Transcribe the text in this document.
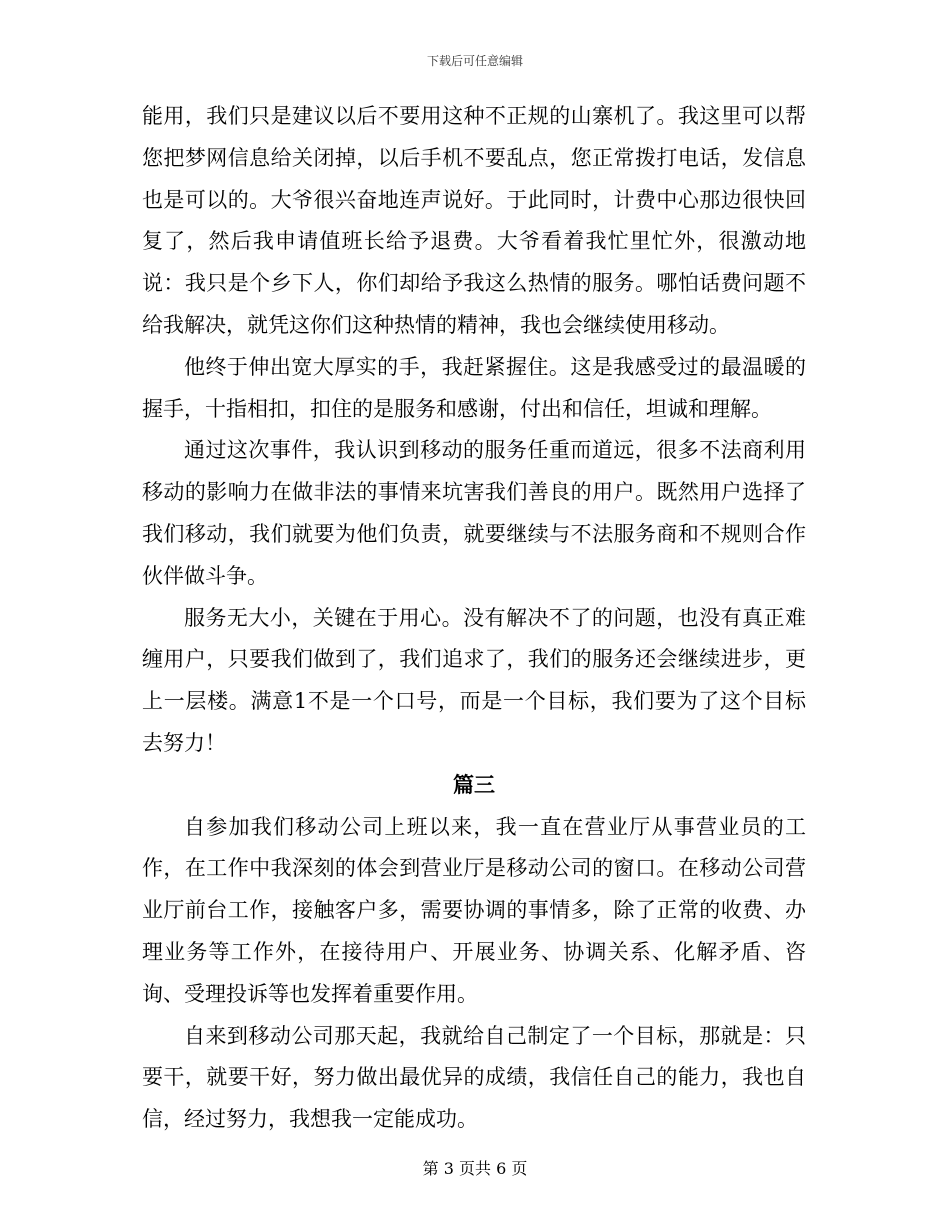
下载后可任意编辑

能用，我们只是建议以后不要用这种不正规的山寨机了。我这里可以帮您把梦网信息给关闭掉，以后手机不要乱点，您正常拨打电话，发信息也是可以的。大爷很兴奋地连声说好。于此同时，计费中心那边很快回复了，然后我申请值班长给予退费。大爷看着我忙里忙外，很激动地说：我只是个乡下人，你们却给予我这么热情的服务。哪怕话费问题不给我解决，就凭这你们这种热情的精神，我也会继续使用移动。

他终于伸出宽大厚实的手，我赶紧握住。这是我感受过的最温暖的握手，十指相扣，扣住的是服务和感谢，付出和信任，坦诚和理解。

通过这次事件，我认识到移动的服务任重而道远，很多不法商利用移动的影响力在做非法的事情来坑害我们善良的用户。既然用户选择了我们移动，我们就要为他们负责，就要继续与不法服务商和不规则合作伙伴做斗争。

服务无大小，关键在于用心。没有解决不了的问题，也没有真正难缠用户，只要我们做到了，我们追求了，我们的服务还会继续进步，更上一层楼。满意1不是一个口号，而是一个目标，我们要为了这个目标去努力！

篇三

自参加我们移动公司上班以来，我一直在营业厅从事营业员的工作，在工作中我深刻的体会到营业厅是移动公司的窗口。在移动公司营业厅前台工作，接触客户多，需要协调的事情多，除了正常的收费、办理业务等工作外，在接待用户、开展业务、协调关系、化解矛盾、咨询、受理投诉等也发挥着重要作用。

自来到移动公司那天起，我就给自己制定了一个目标，那就是：只要干，就要干好，努力做出最优异的成绩，我信任自己的能力，我也自信，经过努力，我想我一定能成功。

第 3 页共 6 页
